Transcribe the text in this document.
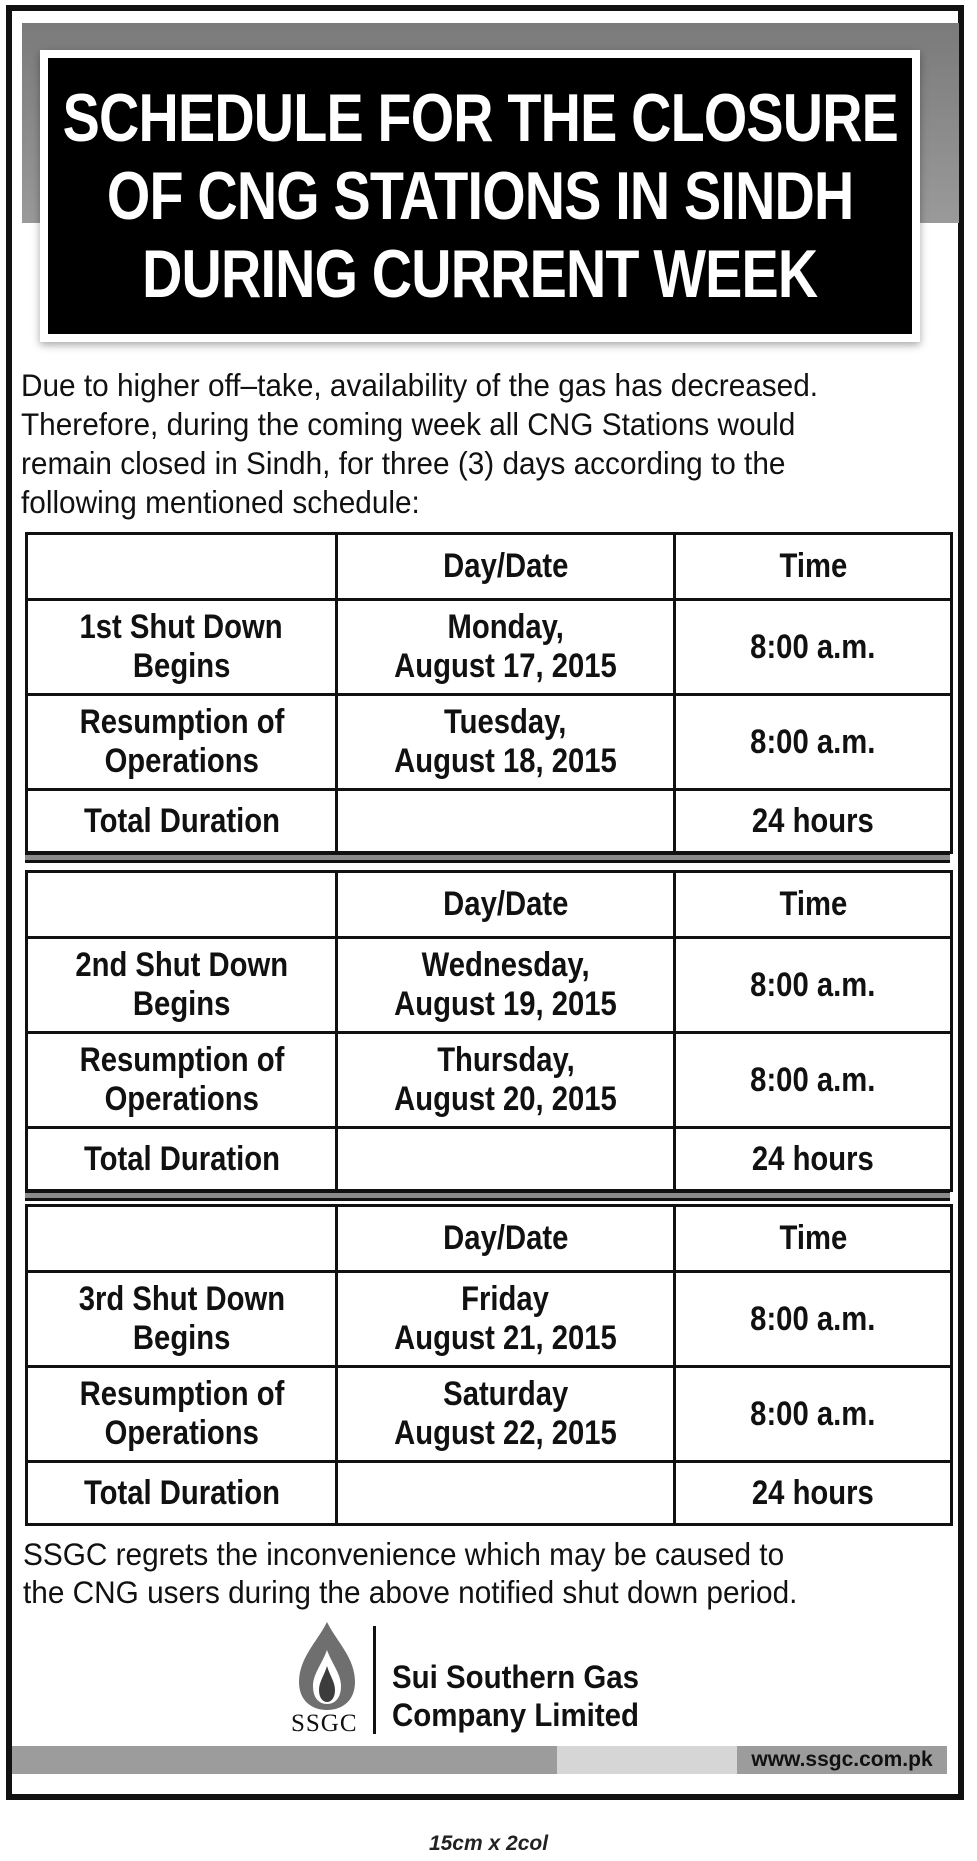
SCHEDULE FOR THE CLOSURE
OF CNG STATIONS IN SINDH
DURING CURRENT WEEK
Due to higher off–take, availability of the gas has decreased.
Therefore, during the coming week all CNG Stations would
remain closed in Sindh, for three (3) days according to the
following mentioned schedule:
	Day/Date	Time
1st Shut Down
Begins	Monday,
August 17, 2015	8:00 a.m.
Resumption of
Operations	Tuesday,
August 18, 2015	8:00 a.m.
Total Duration		24 hours
	Day/Date	Time
2nd Shut Down
Begins	Wednesday,
August 19, 2015	8:00 a.m.
Resumption of
Operations	Thursday,
August 20, 2015	8:00 a.m.
Total Duration		24 hours
	Day/Date	Time
3rd Shut Down
Begins	Friday
August 21, 2015	8:00 a.m.
Resumption of
Operations	Saturday
August 22, 2015	8:00 a.m.
Total Duration		24 hours
SSGC regrets the inconvenience which may be caused to
the CNG users during the above notified shut down period.
SSGC
Sui Southern Gas
Company Limited
www.ssgc.com.pk
15cm x 2col
